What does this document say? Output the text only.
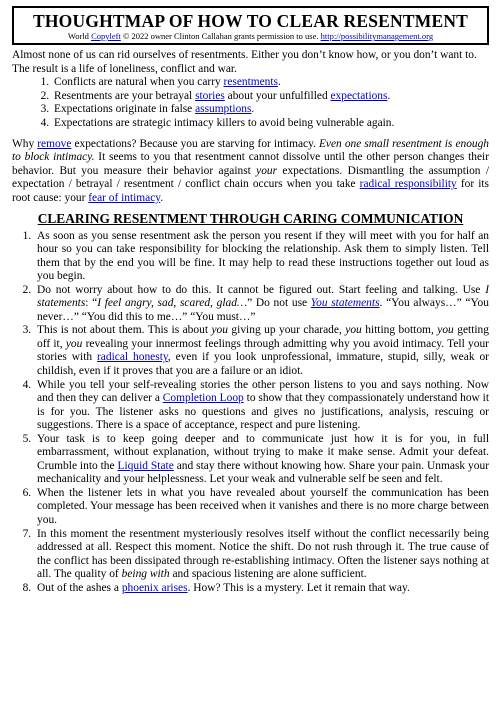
THOUGHTMAP OF HOW TO CLEAR RESENTMENT
World Copyleft © 2022 owner Clinton Callahan grants permission to use. http://possibilitymanagement.org
Almost none of us can rid ourselves of resentments. Either you don’t know how, or you don’t want to. The result is a life of loneliness, conflict and war.
1. Conflicts are natural when you carry resentments.
2. Resentments are your betrayal stories about your unfulfilled expectations.
3. Expectations originate in false assumptions.
4. Expectations are strategic intimacy killers to avoid being vulnerable again.
Why remove expectations? Because you are starving for intimacy. Even one small resentment is enough to block intimacy. It seems to you that resentment cannot dissolve until the other person changes their behavior. But you measure their behavior against your expectations. Dismantling the assumption / expectation / betrayal / resentment / conflict chain occurs when you take radical responsibility for its root cause: your fear of intimacy.
CLEARING RESENTMENT THROUGH CARING COMMUNICATION
1. As soon as you sense resentment ask the person you resent if they will meet with you for half an hour so you can take responsibility for blocking the relationship. Ask them to simply listen. Tell them that by the end you will be fine. It may help to read these instructions together out loud as you begin.
2. Do not worry about how to do this. It cannot be figured out. Start feeling and talking. Use I statements: “I feel angry, sad, scared, glad…” Do not use You statements. “You always…” “You never…” “You did this to me…” “You must…”
3. This is not about them. This is about you giving up your charade, you hitting bottom, you getting off it, you revealing your innermost feelings through admitting why you avoid intimacy. Tell your stories with radical honesty, even if you look unprofessional, immature, stupid, silly, weak or childish, even if it proves that you are a failure or an idiot.
4. While you tell your self-revealing stories the other person listens to you and says nothing. Now and then they can deliver a Completion Loop to show that they compassionately understand how it is for you. The listener asks no questions and gives no justifications, analysis, rescuing or suggestions. There is a space of acceptance, respect and pure listening.
5. Your task is to keep going deeper and to communicate just how it is for you, in full embarrassment, without explanation, without trying to make it make sense. Admit your defeat. Crumble into the Liquid State and stay there without knowing how. Share your pain. Unmask your mechanicality and your helplessness. Let your weak and vulnerable self be seen and felt.
6. When the listener lets in what you have revealed about yourself the communication has been completed. Your message has been received when it vanishes and there is no more charge between you.
7. In this moment the resentment mysteriously resolves itself without the conflict necessarily being addressed at all. Respect this moment. Notice the shift. Do not rush through it. The true cause of the conflict has been dissipated through re-establishing intimacy. Often the listener says nothing at all. The quality of being with and spacious listening are alone sufficient.
8. Out of the ashes a phoenix arises. How? This is a mystery. Let it remain that way.
